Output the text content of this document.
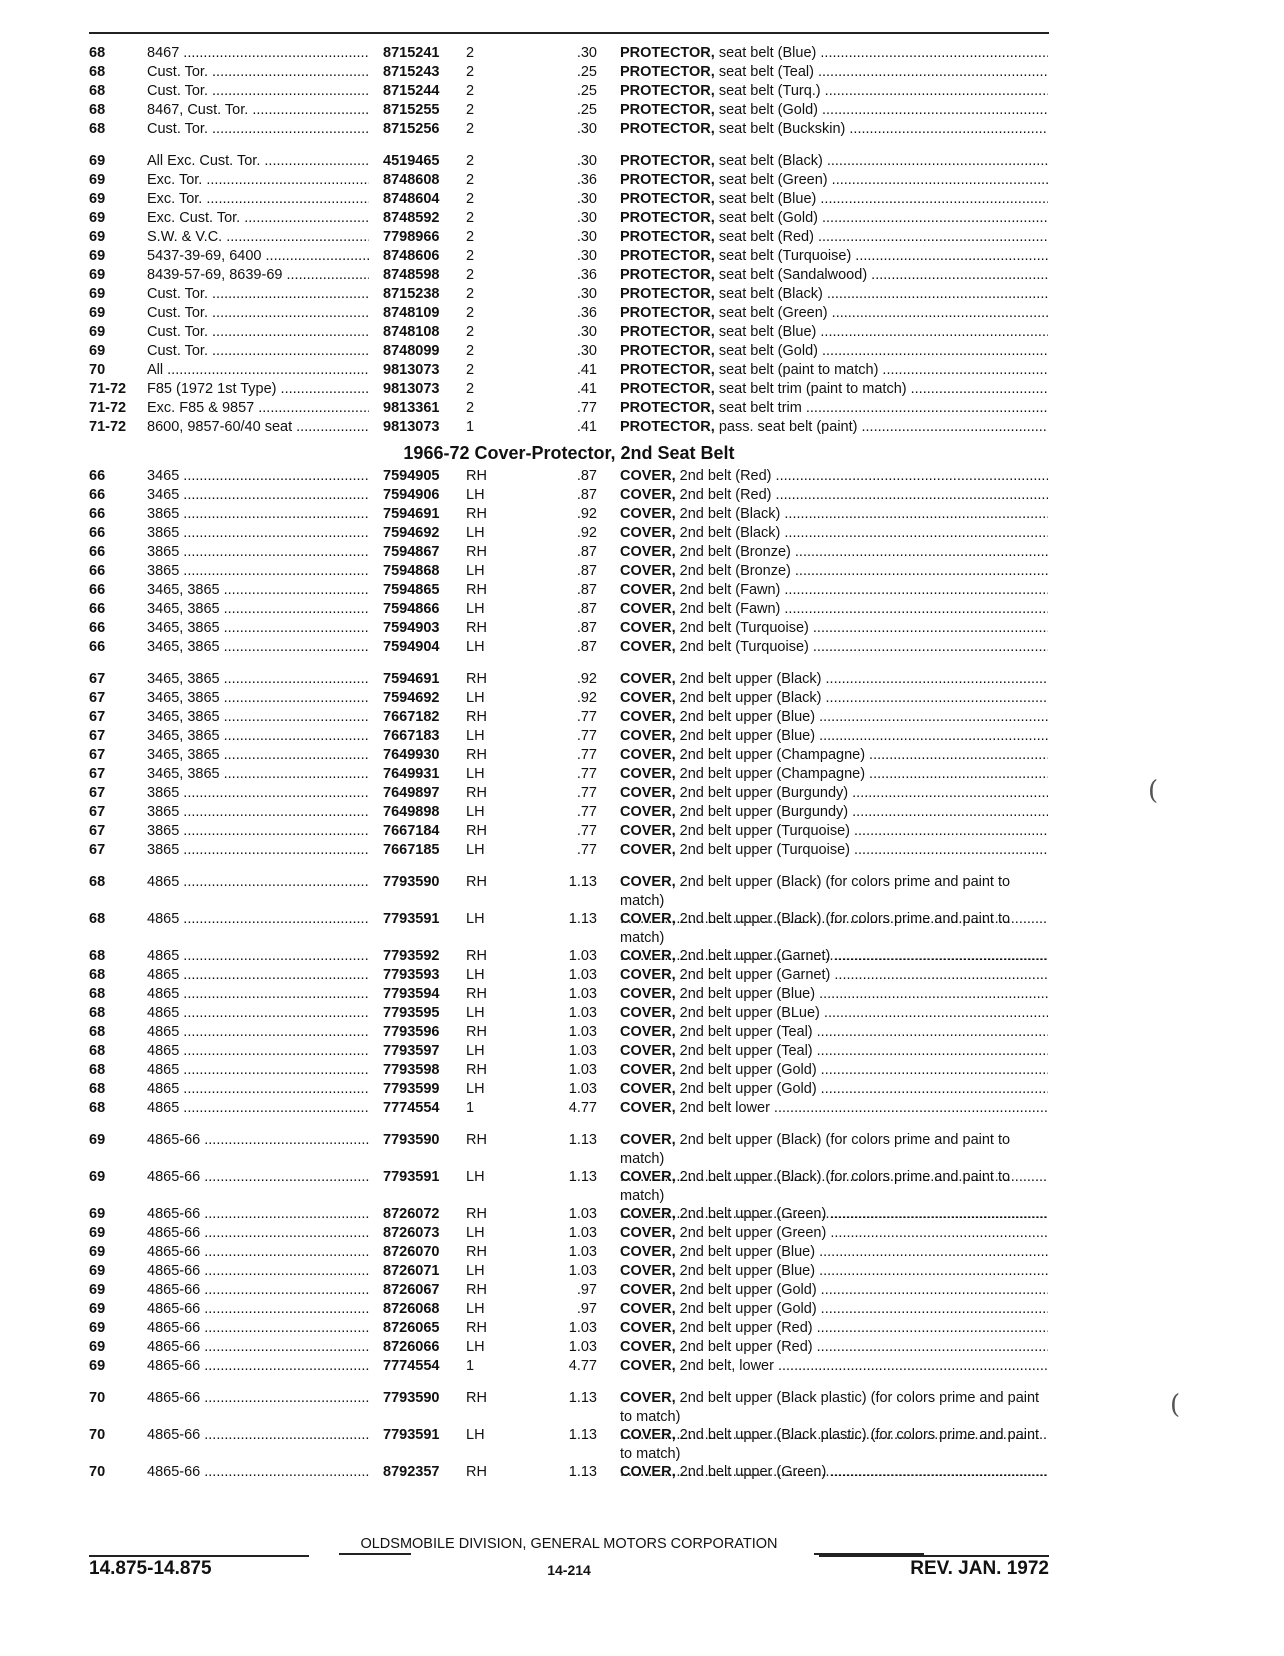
68	8467 .....	8715241 2	.30 PROTECTOR, seat belt (Blue) .....
68	Cust. Tor. .....	8715243 2	.25 PROTECTOR, seat belt (Teal) .....
68	Cust. Tor. .....	8715244 2	.25 PROTECTOR, seat belt (Turq.) .....
68	8467, Cust. Tor. .....	8715255 2	.25 PROTECTOR, seat belt (Gold) .....
68	Cust. Tor. .....	8715256 2	.30 PROTECTOR, seat belt (Buckskin) .....
69	All Exc. Cust. Tor. .....	4519465 2	.30 PROTECTOR, seat belt (Black) .....
69	Exc. Tor. .....	8748608 2	.36 PROTECTOR, seat belt (Green) .....
69	Exc. Tor. .....	8748604 2	.30 PROTECTOR, seat belt (Blue) .....
69	Exc. Cust. Tor. .....	8748592 2	.30 PROTECTOR, seat belt (Gold) .....
69	S.W. & V.C. .....	7798966 2	.30 PROTECTOR, seat belt (Red) .....
69	5437-39-69, 6400 .....	8748606 2	.30 PROTECTOR, seat belt (Turquoise) .....
69	8439-57-69, 8639-69 .....	8748598 2	.36 PROTECTOR, seat belt (Sandalwood) .....
69	Cust. Tor. .....	8715238 2	.30 PROTECTOR, seat belt (Black) .....
69	Cust. Tor. .....	8748109 2	.36 PROTECTOR, seat belt (Green) .....
69	Cust. Tor. .....	8748108 2	.30 PROTECTOR, seat belt (Blue) .....
69	Cust. Tor. .....	8748099 2	.30 PROTECTOR, seat belt (Gold) .....
70	All .....	9813073 2	.41 PROTECTOR, seat belt (paint to match) .....
71-72 F85 (1972 1st Type) .....	9813073 2	.41 PROTECTOR, seat belt trim (paint to match) .....
71-72 Exc. F85 & 9857 .....	9813361 2	.77 PROTECTOR, seat belt trim .....
71-72 8600, 9857-60/40 seat .....	9813073 1	.41 PROTECTOR, pass. seat belt (paint) .....
1966-72 Cover-Protector, 2nd Seat Belt
66	3465 .....	7594905 RH	.87 COVER, 2nd belt (Red) .....
66	3465 .....	7594906 LH	.87 COVER, 2nd belt (Red) .....
66	3865 .....	7594691 RH	.92 COVER, 2nd belt (Black) .....
66	3865 .....	7594692 LH	.92 COVER, 2nd belt (Black) .....
66	3865 .....	7594867 RH	.87 COVER, 2nd belt (Bronze) .....
66	3865 .....	7594868 LH	.87 COVER, 2nd belt (Bronze) .....
66	3465, 3865 .....	7594865 RH	.87 COVER, 2nd belt (Fawn) .....
66	3465, 3865 .....	7594866 LH	.87 COVER, 2nd belt (Fawn) .....
66	3465, 3865 .....	7594903 RH	.87 COVER, 2nd belt (Turquoise) .....
66	3465, 3865 .....	7594904 LH	.87 COVER, 2nd belt (Turquoise) .....
67	3465, 3865 .....	7594691 RH	.92 COVER, 2nd belt upper (Black) .....
67	3465, 3865 .....	7594692 LH	.92 COVER, 2nd belt upper (Black) .....
67	3465, 3865 .....	7667182 RH	.77 COVER, 2nd belt upper (Blue) .....
67	3465, 3865 .....	7667183 LH	.77 COVER, 2nd belt upper (Blue) .....
67	3465, 3865 .....	7649930 RH	.77 COVER, 2nd belt upper (Champagne) .....
67	3465, 3865 .....	7649931 LH	.77 COVER, 2nd belt upper (Champagne) .....
67	3865 .....	7649897 RH	.77 COVER, 2nd belt upper (Burgundy) .....
67	3865 .....	7649898 LH	.77 COVER, 2nd belt upper (Burgundy) .....
67	3865 .....	7667184 RH	.77 COVER, 2nd belt upper (Turquoise) .....
67	3865 .....	7667185 LH	.77 COVER, 2nd belt upper (Turquoise) .....
68	4865 .....	7793590 RH	1.13 COVER, 2nd belt upper (Black) (for colors prime and paint to match) .....
68	4865 .....	7793591 LH	1.13 COVER, 2nd belt upper (Black) (for colors prime and paint to match) .....
68	4865 .....	7793592 RH	1.03 COVER, 2nd belt upper (Garnet) .....
68	4865 .....	7793593 LH	1.03 COVER, 2nd belt upper (Garnet) .....
68	4865 .....	7793594 RH	1.03 COVER, 2nd belt upper (Blue) .....
68	4865 .....	7793595 LH	1.03 COVER, 2nd belt upper (BLue) .....
68	4865 .....	7793596 RH	1.03 COVER, 2nd belt upper (Teal) .....
68	4865 .....	7793597 LH	1.03 COVER, 2nd belt upper (Teal) .....
68	4865 .....	7793598 RH	1.03 COVER, 2nd belt upper (Gold) .....
68	4865 .....	7793599 LH	1.03 COVER, 2nd belt upper (Gold) .....
68	4865 .....	7774554 1	4.77 COVER, 2nd belt lower .....
69	4865-66 .....	7793590 RH	1.13 COVER, 2nd belt upper (Black) (for colors prime and paint to match) .....
69	4865-66 .....	7793591 LH	1.13 COVER, 2nd belt upper (Black) (for colors prime and paint to match) .....
69	4865-66 .....	8726072 RH	1.03 COVER, 2nd belt upper (Green) .....
69	4865-66 .....	8726073 LH	1.03 COVER, 2nd belt upper (Green) .....
69	4865-66 .....	8726070 RH	1.03 COVER, 2nd belt upper (Blue) .....
69	4865-66 .....	8726071 LH	1.03 COVER, 2nd belt upper (Blue) .....
69	4865-66 .....	8726067 RH	.97 COVER, 2nd belt upper (Gold) .....
69	4865-66 .....	8726068 LH	.97 COVER, 2nd belt upper (Gold) .....
69	4865-66 .....	8726065 RH	1.03 COVER, 2nd belt upper (Red) .....
69	4865-66 .....	8726066 LH	1.03 COVER, 2nd belt upper (Red) .....
69	4865-66 .....	7774554 1	4.77 COVER, 2nd belt, lower .....
70	4865-66 .....	7793590 RH	1.13 COVER, 2nd belt upper (Black plastic) (for colors prime and paint to match) .....
70	4865-66 .....	7793591 LH	1.13 COVER, 2nd belt upper (Black plastic) (for colors prime and paint to match) .....
70	4865-66 .....	8792357 RH	1.13 COVER, 2nd belt upper (Green) .....
OLDSMOBILE DIVISION, GENERAL MOTORS CORPORATION
14.875-14.875	14-214	REV. JAN. 1972
(
(
